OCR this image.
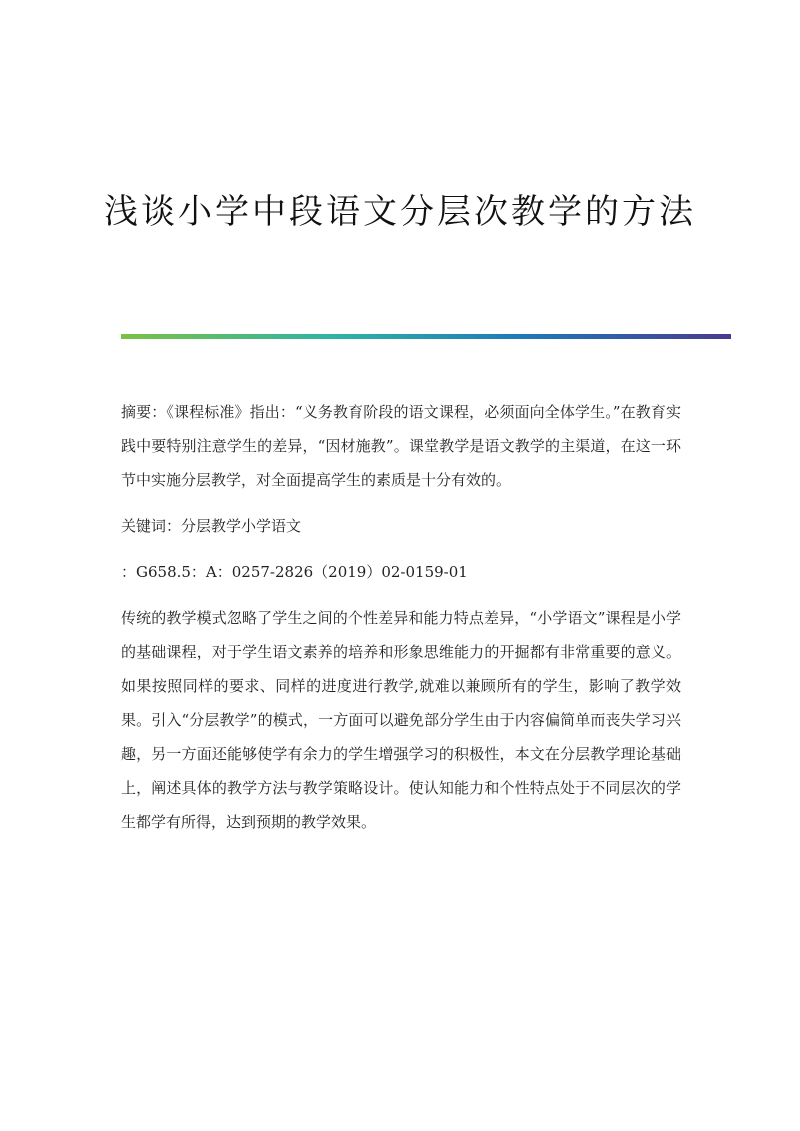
浅谈小学中段语文分层次教学的方法

摘要：《课程标准》指出：“义务教育阶段的语文课程，必须面向全体学生。”在教育实践中要特别注意学生的差异，“因材施教”。课堂教学是语文教学的主渠道，在这一环节中实施分层教学，对全面提高学生的素质是十分有效的。

关键词：分层教学小学语文

：G658.5：A：0257-2826（2019）02-0159-01

传统的教学模式忽略了学生之间的个性差异和能力特点差异，“小学语文”课程是小学的基础课程，对于学生语文素养的培养和形象思维能力的开掘都有非常重要的意义。如果按照同样的要求、同样的进度进行教学,就难以兼顾所有的学生，影响了教学效果。引入“分层教学”的模式，一方面可以避免部分学生由于内容偏简单而丧失学习兴趣，另一方面还能够使学有余力的学生增强学习的积极性，本文在分层教学理论基础上，阐述具体的教学方法与教学策略设计。使认知能力和个性特点处于不同层次的学生都学有所得，达到预期的教学效果。
